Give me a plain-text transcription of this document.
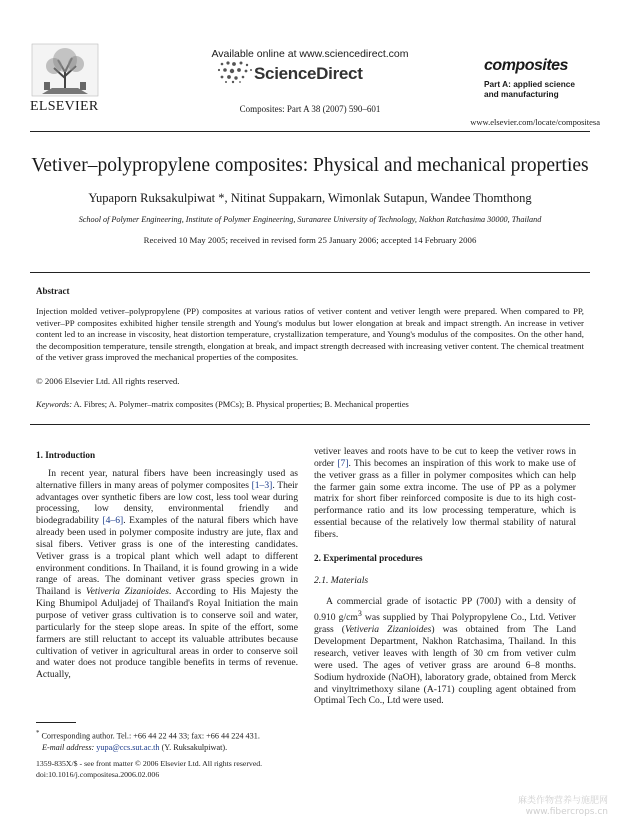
ELSEVIER
Available online at www.sciencedirect.com
ScienceDirect
Composites: Part A 38 (2007) 590–601
composites
Part A: applied science
and manufacturing
www.elsevier.com/locate/compositesa
Vetiver–polypropylene composites: Physical and mechanical properties
Yupaporn Ruksakulpiwat *, Nitinat Suppakarn, Wimonlak Sutapun, Wandee Thomthong
School of Polymer Engineering, Institute of Polymer Engineering, Suranaree University of Technology, Nakhon Ratchasima 30000, Thailand
Received 10 May 2005; received in revised form 25 January 2006; accepted 14 February 2006
Abstract
Injection molded vetiver–polypropylene (PP) composites at various ratios of vetiver content and vetiver length were prepared. When compared to PP, vetiver–PP composites exhibited higher tensile strength and Young's modulus but lower elongation at break and impact strength. An increase in vetiver content led to an increase in viscosity, heat distortion temperature, crystallization temperature, and Young's modulus of the composites. On the other hand, the decomposition temperature, tensile strength, elongation at break, and impact strength decreased with increasing vetiver content. The chemical treatment of the vetiver grass improved the mechanical properties of the composites.
© 2006 Elsevier Ltd. All rights reserved.
Keywords: A. Fibres; A. Polymer–matrix composites (PMCs); B. Physical properties; B. Mechanical properties
1. Introduction

In recent year, natural fibers have been increasingly used as alternative fillers in many areas of polymer composites [1–3]. Their advantages over synthetic fibers are low cost, less tool wear during processing, low density, environmental friendly and biodegradability [4–6]. Examples of the natural fibers which have already been used in polymer composite industry are jute, flax and sisal fibers. Vetiver grass is one of the interesting candidates. Vetiver grass is a tropical plant which well adapt to different environment conditions. In Thailand, it is found growing in a wide range of areas. The dominant vetiver grass species grown in Thailand is Vetiveria Zizanioides. According to His Majesty the King Bhumipol Aduljadej of Thailand's Royal Initiation the main purpose of vetiver grass cultivation is to conserve soil and water, particularly for the steep slope areas. In spite of the effort, some farmers are still reluctant to accept its valuable attributes because cultivation of vetiver in agricultural areas in order to conserve soil and water does not produce tangible benefits in terms of revenue. Actually,

vetiver leaves and roots have to be cut to keep the vetiver rows in order [7]. This becomes an inspiration of this work to make use of the vetiver grass as a filler in polymer composites which can help the farmer gain some extra income. The use of PP as a polymer matrix for short fiber reinforced composite is due to its high cost-performance ratio and its low processing temperature, which is essential because of the relatively low thermal stability of natural fibers.

2. Experimental procedures
2.1. Materials

A commercial grade of isotactic PP (700J) with a density of 0.910 $g/cm^3$ was supplied by Thai Polypropylene Co., Ltd. Vetiver grass (Vetiveria Zizanioides) was obtained from The Land Development Department, Nakhon Ratchasima, Thailand. In this research, vetiver leaves with length of 30 cm from vetiver culm were used. The ages of vetiver grass are around 6–8 months. Sodium hydroxide (NaOH), laboratory grade, obtained from Merck and vinyltrimethoxy silane (A-171) coupling agent obtained from Optimal Tech Co., Ltd were used.

* Corresponding author. Tel.: +66 44 22 44 33; fax: +66 44 224 431.
E-mail address: yupa@ccs.sut.ac.th (Y. Ruksakulpiwat).
1359-835X/$ - see front matter © 2006 Elsevier Ltd. All rights reserved.
doi:10.1016/j.compositesa.2006.02.006
麻类作物营养与施肥网
www.fibercrops.cn
